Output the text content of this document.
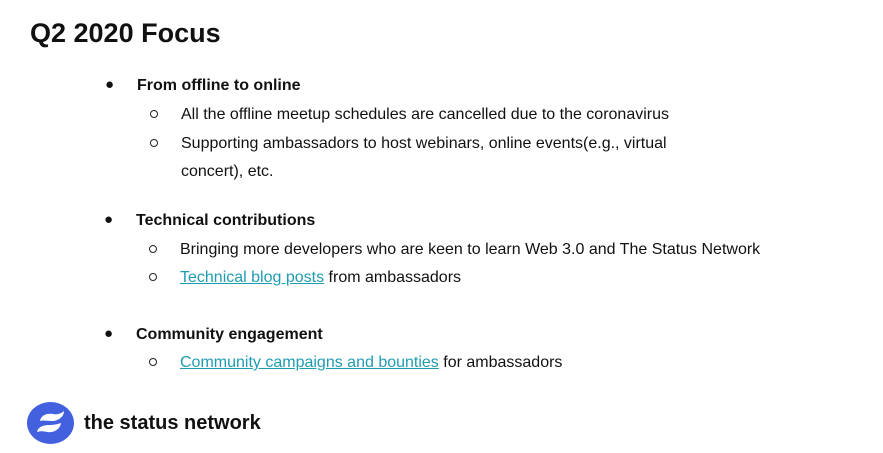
Q2 2020 Focus
● From offline to online
All the offline meetup schedules are cancelled due to the coronavirus
Supporting ambassadors to host webinars, online events(e.g., virtual
concert), etc.
● Technical contributions
Bringing more developers who are keen to learn Web 3.0 and The Status Network
Technical blog posts from ambassadors
● Community engagement
Community campaigns and bounties for ambassadors
the status network
